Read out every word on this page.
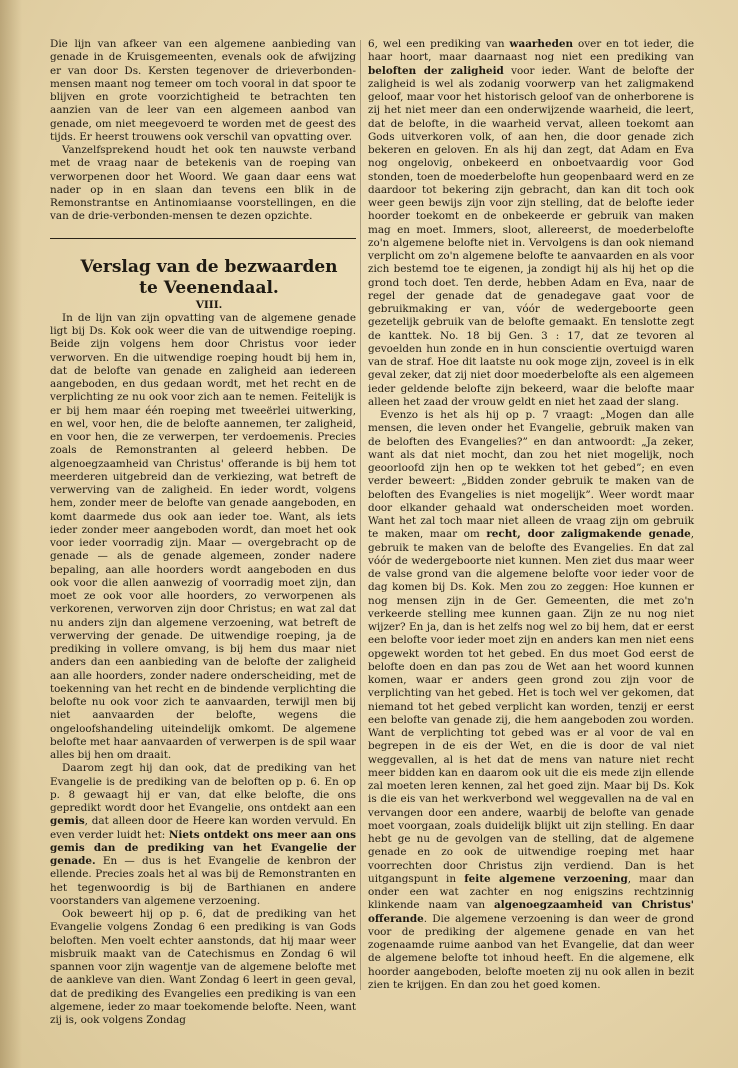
Die lijn van afkeer van een algemene aanbieding van genade in de Kruisgemeenten, evenals ook de afwijzing er van door Ds. Kersten tegenover de drieverbonden-mensen maant nog temeer om toch vooral in dat spoor te blijven en grote voorzichtigheid te betrachten ten aanzien van de leer van een algemeen aanbod van genade, om niet meegevoerd te worden met de geest des tijds. Er heerst trouwens ook verschil van opvatting over.

Vanzelfsprekend houdt het ook ten nauwste verband met de vraag naar de betekenis van de roeping van verworpenen door het Woord. We gaan daar eens wat nader op in en slaan dan tevens een blik in de Remonstrantse en Antinomiaanse voorstellingen, en die van de drie-verbonden-mensen te dezen opzichte.

Verslag van de bezwaarden

te Veenendaal.

VIII.

In de lijn van zijn opvatting van de algemene genade ligt bij Ds. Kok ook weer die van de uitwendige roeping. Beide zijn volgens hem door Christus voor ieder verworven. En die uitwendige roeping houdt bij hem in, dat de belofte van genade en zaligheid aan iedereen aangeboden, en dus gedaan wordt, met het recht en de verplichting ze nu ook voor zich aan te nemen. Feitelijk is er bij hem maar één roeping met tweeërlei uitwerking, en wel, voor hen, die de belofte aannemen, ter zaligheid, en voor hen, die ze verwerpen, ter verdoemenis. Precies zoals de Remonstranten al geleerd hebben. De algenoegzaamheid van Christus' offerande is bij hem tot meerderen uitgebreid dan de verkiezing, wat betreft de verwerving van de zaligheid. En ieder wordt, volgens hem, zonder meer de belofte van genade aangeboden, en komt daarmede dus ook aan ieder toe. Want, als iets ieder zonder meer aangeboden wordt, dan moet het ook voor ieder voorradig zijn. Maar — overgebracht op de genade — als de genade algemeen, zonder nadere bepaling, aan alle hoorders wordt aangeboden en dus ook voor die allen aanwezig of voorradig moet zijn, dan moet ze ook voor alle hoorders, zo verworpenen als verkorenen, verworven zijn door Christus; en wat zal dat nu anders zijn dan algemene verzoening, wat betreft de verwerving der genade. De uitwendige roeping, ja de prediking in vollere omvang, is bij hem dus maar niet anders dan een aanbieding van de belofte der zaligheid aan alle hoorders, zonder nadere onderscheiding, met de toekenning van het recht en de bindende verplichting die belofte nu ook voor zich te aanvaarden, terwijl men bij niet aanvaarden der belofte, wegens die ongeloofshandeling uiteindelijk omkomt. De algemene belofte met haar aanvaarden of verwerpen is de spil waar alles bij hen om draait.

Daarom zegt hij dan ook, dat de prediking van het Evangelie is de prediking van de beloften op p. 6. En op p. 8 gewaagt hij er van, dat elke belofte, die ons gepredikt wordt door het Evangelie, ons ontdekt aan een gemis, dat alleen door de Heere kan worden vervuld. En even verder luidt het: Niets ontdekt ons meer aan ons gemis dan de prediking van het Evangelie der genade. En — dus is het Evangelie de kenbron der ellende. Precies zoals het al was bij de Remonstranten en het tegenwoordig is bij de Barthianen en andere voorstanders van algemene verzoening.

Ook beweert hij op p. 6, dat de prediking van het Evangelie volgens Zondag 6 een prediking is van Gods beloften. Men voelt echter aanstonds, dat hij maar weer misbruik maakt van de Catechismus en Zondag 6 wil spannen voor zijn wagentje van de algemene belofte met de aankleve van dien. Want Zondag 6 leert in geen geval, dat de prediking des Evangelies een prediking is van een algemene, ieder zo maar toekomende belofte. Neen, want zij is, ook volgens Zondag

6, wel een prediking van waarheden over en tot ieder, die haar hoort, maar daarnaast nog niet een prediking van beloften der zaligheid voor ieder. Want de belofte der zaligheid is wel als zodanig voorwerp van het zaligmakend geloof, maar voor het historisch geloof van de onherborene is zij het niet meer dan een onderwijzende waarheid, die leert, dat de belofte, in die waarheid vervat, alleen toekomt aan Gods uitverkoren volk, of aan hen, die door genade zich bekeren en geloven. En als hij dan zegt, dat Adam en Eva nog ongelovig, onbekeerd en onboetvaardig voor God stonden, toen de moederbelofte hun geopenbaard werd en ze daardoor tot bekering zijn gebracht, dan kan dit toch ook weer geen bewijs zijn voor zijn stelling, dat de belofte ieder hoorder toekomt en de onbekeerde er gebruik van maken mag en moet. Immers, sloot, allereerst, de moederbelofte zo'n algemene belofte niet in. Vervolgens is dan ook niemand verplicht om zo'n algemene belofte te aanvaarden en als voor zich bestemd toe te eigenen, ja zondigt hij als hij het op die grond toch doet. Ten derde, hebben Adam en Eva, naar de regel der genade dat de genadegave gaat voor de gebruikmaking er van, vóór de wedergeboorte geen gezetelijk gebruik van de belofte gemaakt. En tenslotte zegt de kanttek. No. 18 bij Gen. 3 : 17, dat ze tevoren al gevoelden hun zonde en in hun conscientie overtuigd waren van de straf. Hoe dit laatste nu ook moge zijn, zoveel is in elk geval zeker, dat zij niet door moederbelofte als een algemeen ieder geldende belofte zijn bekeerd, waar die belofte maar alleen het zaad der vrouw geldt en niet het zaad der slang.

Evenzo is het als hij op p. 7 vraagt: „Mogen dan alle mensen, die leven onder het Evangelie, gebruik maken van de beloften des Evangelies?” en dan antwoordt: „Ja zeker, want als dat niet mocht, dan zou het niet mogelijk, noch geoorloofd zijn hen op te wekken tot het gebed”; en even verder beweert: „Bidden zonder gebruik te maken van de beloften des Evangelies is niet mogelijk”. Weer wordt maar door elkander gehaald wat onderscheiden moet worden. Want het zal toch maar niet alleen de vraag zijn om gebruik te maken, maar om recht, door zaligmakende genade, gebruik te maken van de belofte des Evangelies. En dat zal vóór de wedergeboorte niet kunnen. Men ziet dus maar weer de valse grond van die algemene belofte voor ieder voor de dag komen bij Ds. Kok. Men zou zo zeggen: Hoe kunnen er nog mensen zijn in de Ger. Gemeenten, die met zo'n verkeerde stelling mee kunnen gaan. Zijn ze nu nog niet wijzer? En ja, dan is het zelfs nog wel zo bij hem, dat er eerst een belofte voor ieder moet zijn en anders kan men niet eens opgewekt worden tot het gebed. En dus moet God eerst de belofte doen en dan pas zou de Wet aan het woord kunnen komen, waar er anders geen grond zou zijn voor de verplichting van het gebed. Het is toch wel ver gekomen, dat niemand tot het gebed verplicht kan worden, tenzij er eerst een belofte van genade zij, die hem aangeboden zou worden. Want de verplichting tot gebed was er al voor de val en begrepen in de eis der Wet, en die is door de val niet weggevallen, al is het dat de mens van nature niet recht meer bidden kan en daarom ook uit die eis mede zijn ellende zal moeten leren kennen, zal het goed zijn. Maar bij Ds. Kok is die eis van het werkverbond wel weggevallen na de val en vervangen door een andere, waarbij de belofte van genade moet voorgaan, zoals duidelijk blijkt uit zijn stelling. En daar hebt ge nu de gevolgen van de stelling, dat de algemene genade en zo ook de uitwendige roeping met haar voorrechten door Christus zijn verdiend. Dan is het uitgangspunt in feite algemene verzoening, maar dan onder een wat zachter en nog enigszins rechtzinnig klinkende naam van algenoegzaamheid van Christus' offerande. Die algemene verzoening is dan weer de grond voor de prediking der algemene genade en van het zogenaamde ruime aanbod van het Evangelie, dat dan weer de algemene belofte tot inhoud heeft. En die algemene, elk hoorder aangeboden, belofte moeten zij nu ook allen in bezit zien te krijgen. En dan zou het goed komen.
